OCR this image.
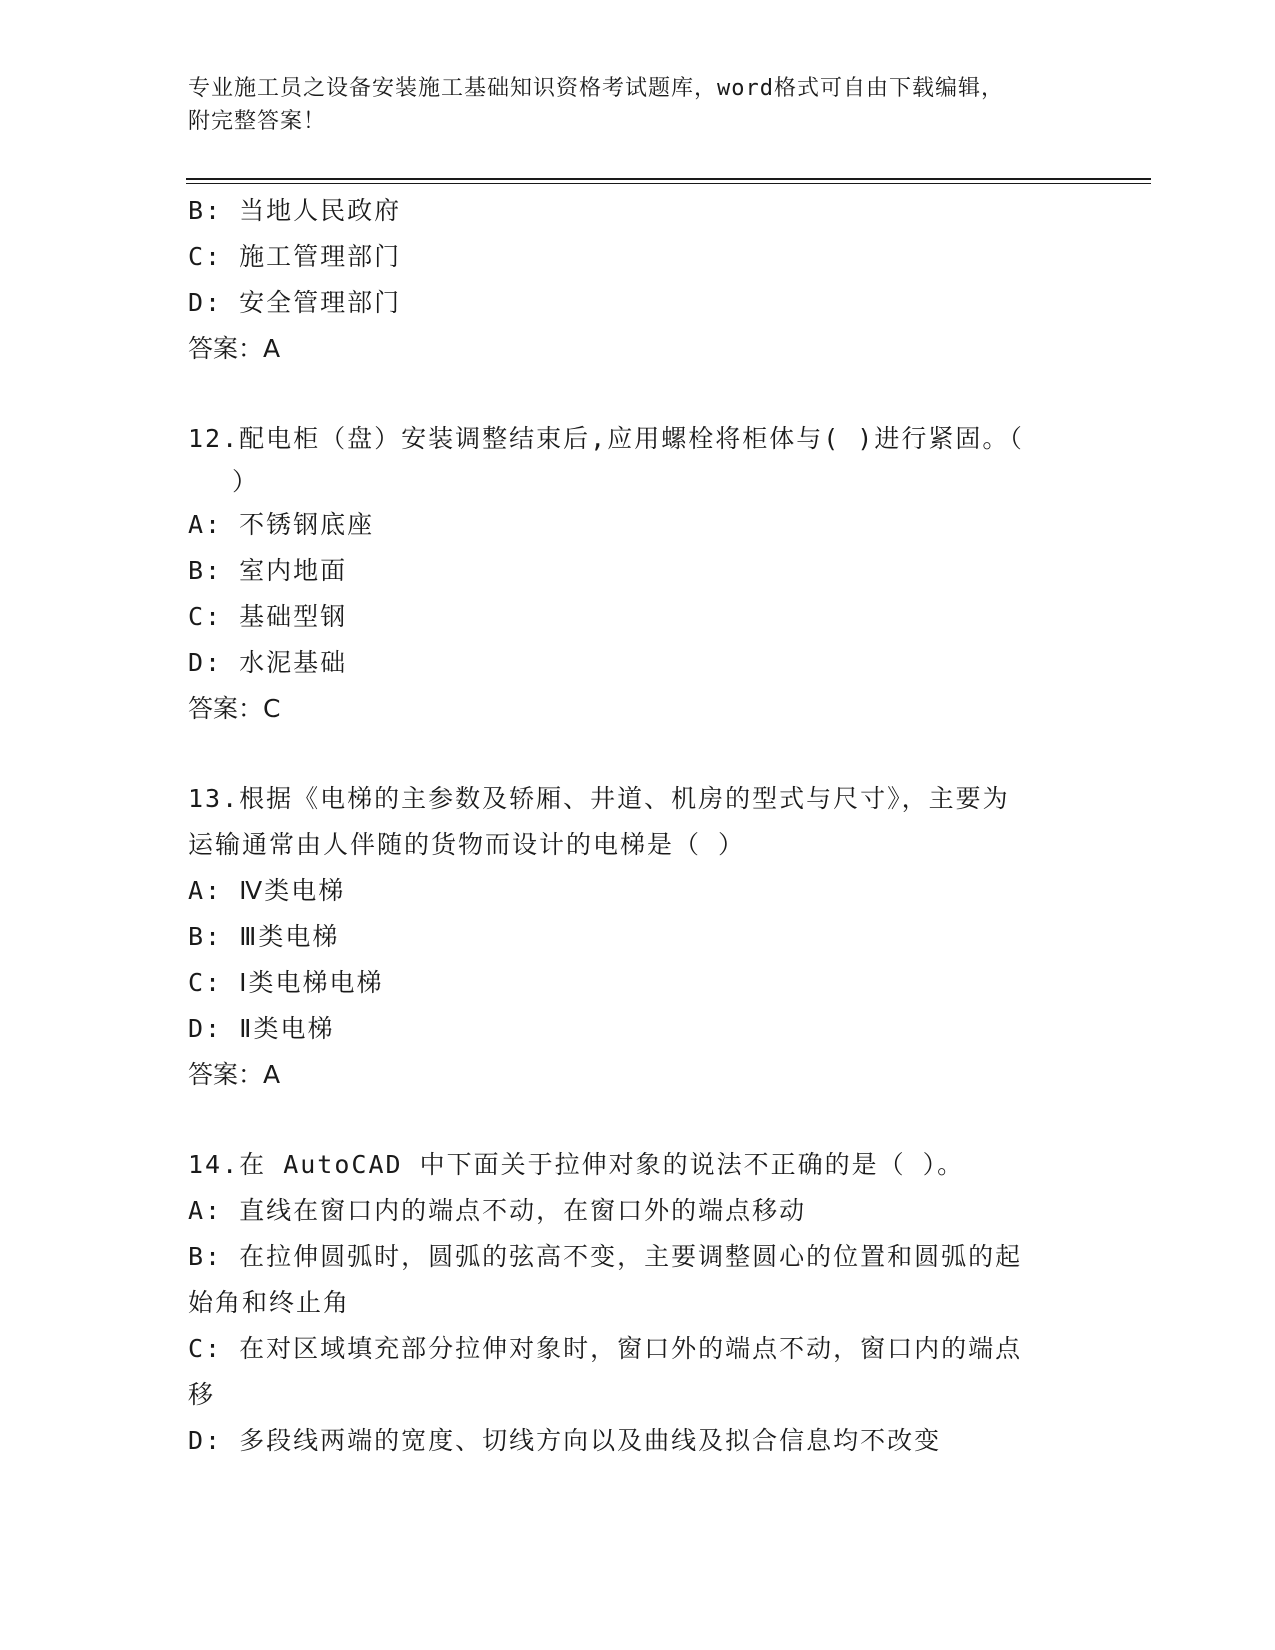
专业施工员之设备安装施工基础知识资格考试题库，word格式可自由下载编辑，
附完整答案！
B: 当地人民政府
C: 施工管理部门
D: 安全管理部门
答案：A
12.配电柜（盘）安装调整结束后,应用螺栓将柜体与( )进行紧固。（
）
A: 不锈钢底座
B: 室内地面
C: 基础型钢
D: 水泥基础
答案：C
13.根据《电梯的主参数及轿厢、井道、机房的型式与尺寸》，主要为
运输通常由人伴随的货物而设计的电梯是（ ）
A: Ⅳ类电梯
B: Ⅲ类电梯
C: Ⅰ类电梯电梯
D: Ⅱ类电梯
答案：A
14.在 AutoCAD 中下面关于拉伸对象的说法不正确的是（ ）。
A: 直线在窗口内的端点不动，在窗口外的端点移动
B: 在拉伸圆弧时，圆弧的弦高不变，主要调整圆心的位置和圆弧的起
始角和终止角
C: 在对区域填充部分拉伸对象时，窗口外的端点不动，窗口内的端点
移
D: 多段线两端的宽度、切线方向以及曲线及拟合信息均不改变
